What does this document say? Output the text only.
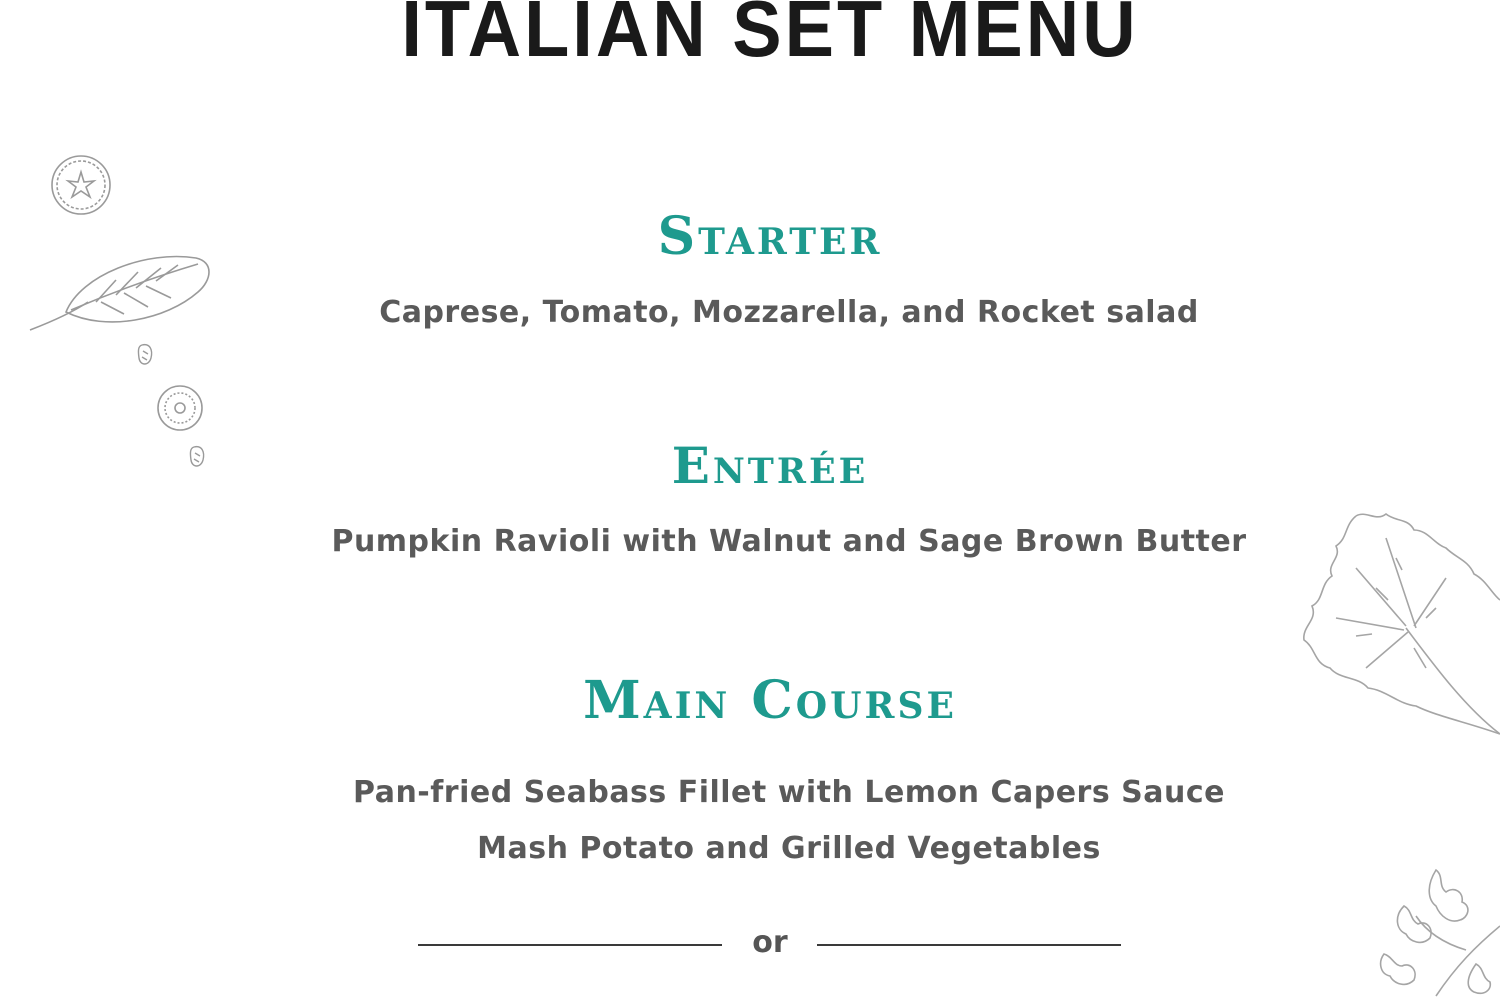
ITALIAN SET MENU
Starter

Caprese, Tomato, Mozzarella, and Rocket salad

Entrée

Pumpkin Ravioli with Walnut and Sage Brown Butter

Main Course

Pan-fried Seabass Fillet with Lemon Capers Sauce

Mash Potato and Grilled Vegetables

or
